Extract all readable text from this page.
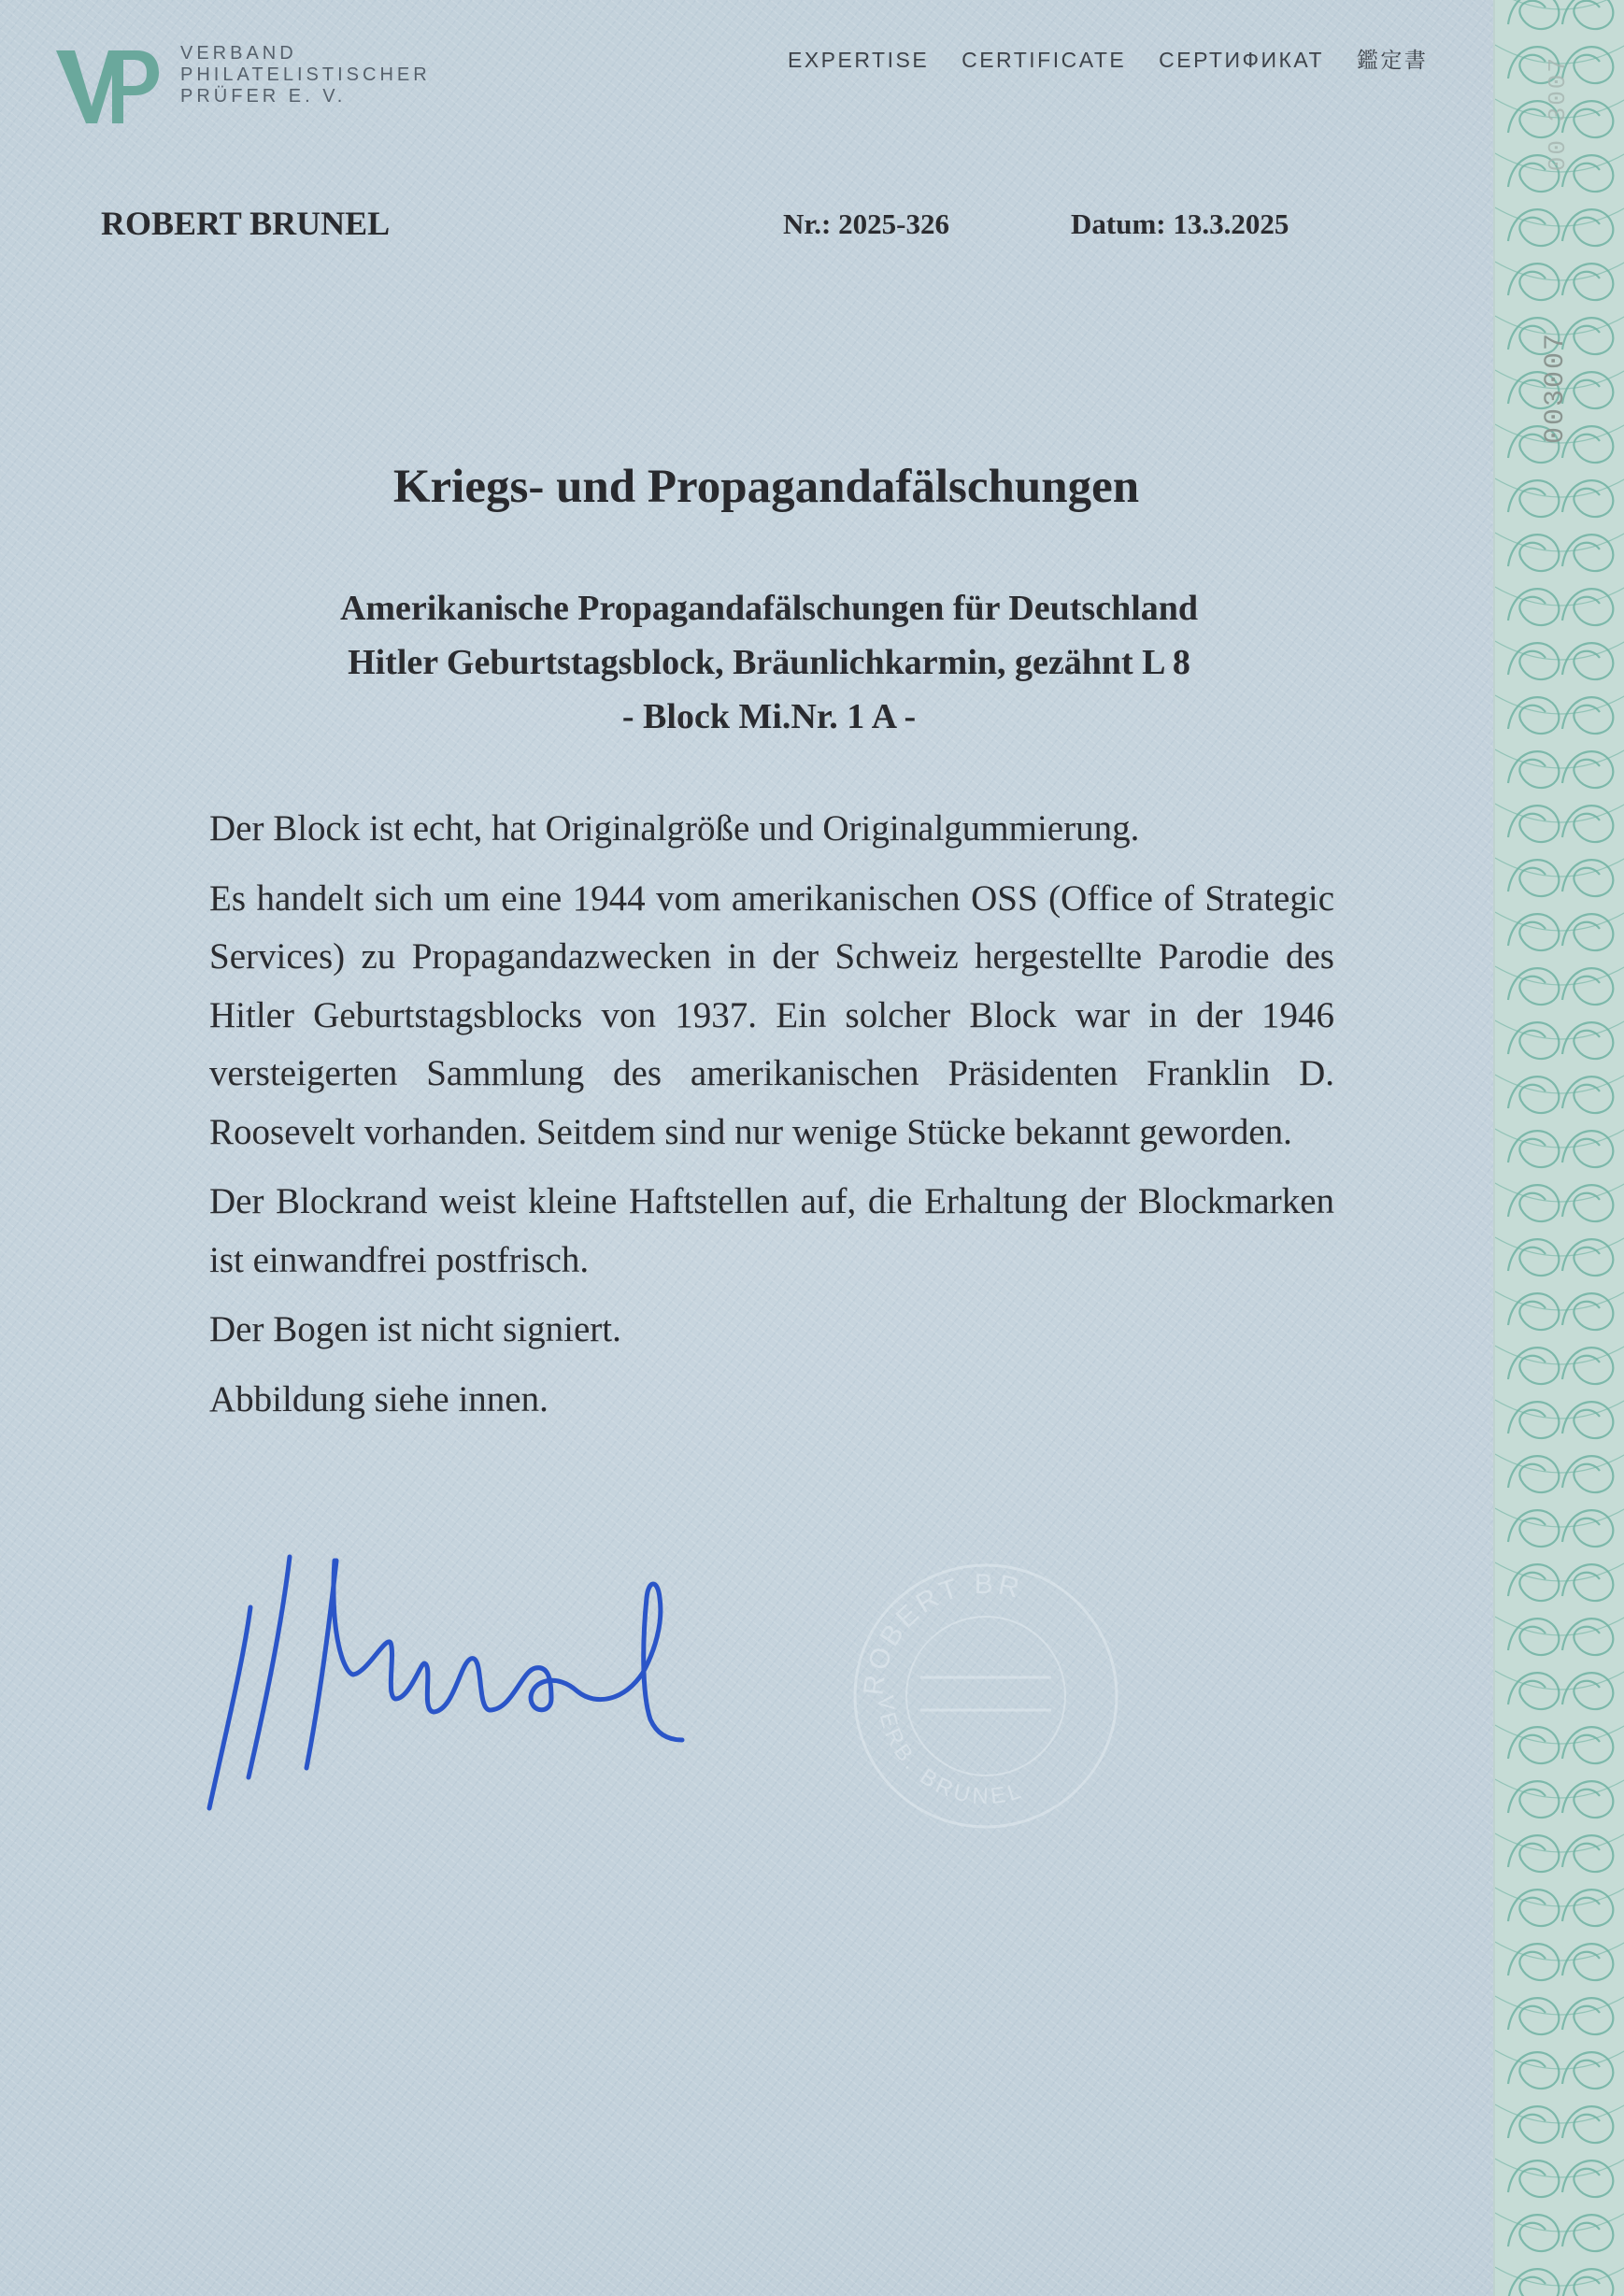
VERBAND
PHILATELISTISCHER
PRÜFER E. V.
EXPERTISE CERTIFICATE СЕРТИФИКАТ 鑑定書
ROBERT BRUNEL	Nr.: 2025-326	Datum: 13.3.2025
Kriegs- und Propagandafälschungen
Amerikanische Propagandafälschungen für Deutschland
Hitler Geburtstagsblock, Bräunlichkarmin, gezähnt L 8
- Block Mi.Nr. 1 A -

Der Block ist echt, hat Originalgröße und Originalgummierung.

Es handelt sich um eine 1944 vom amerikanischen OSS (Office of Strategic Services) zu Propagandazwecken in der Schweiz hergestellte Parodie des Hitler Geburtstagsblocks von 1937. Ein solcher Block war in der 1946 versteigerten Sammlung des amerikanischen Präsidenten Franklin D. Roosevelt vorhanden. Seitdem sind nur wenige Stücke bekannt geworden.

Der Blockrand weist kleine Haftstellen auf, die Erhaltung der Blockmarken ist einwandfrei postfrisch.

Der Bogen ist nicht signiert.

Abbildung siehe innen.

ROBERT BR
VERB. BRUNEL
00 3007
003007
